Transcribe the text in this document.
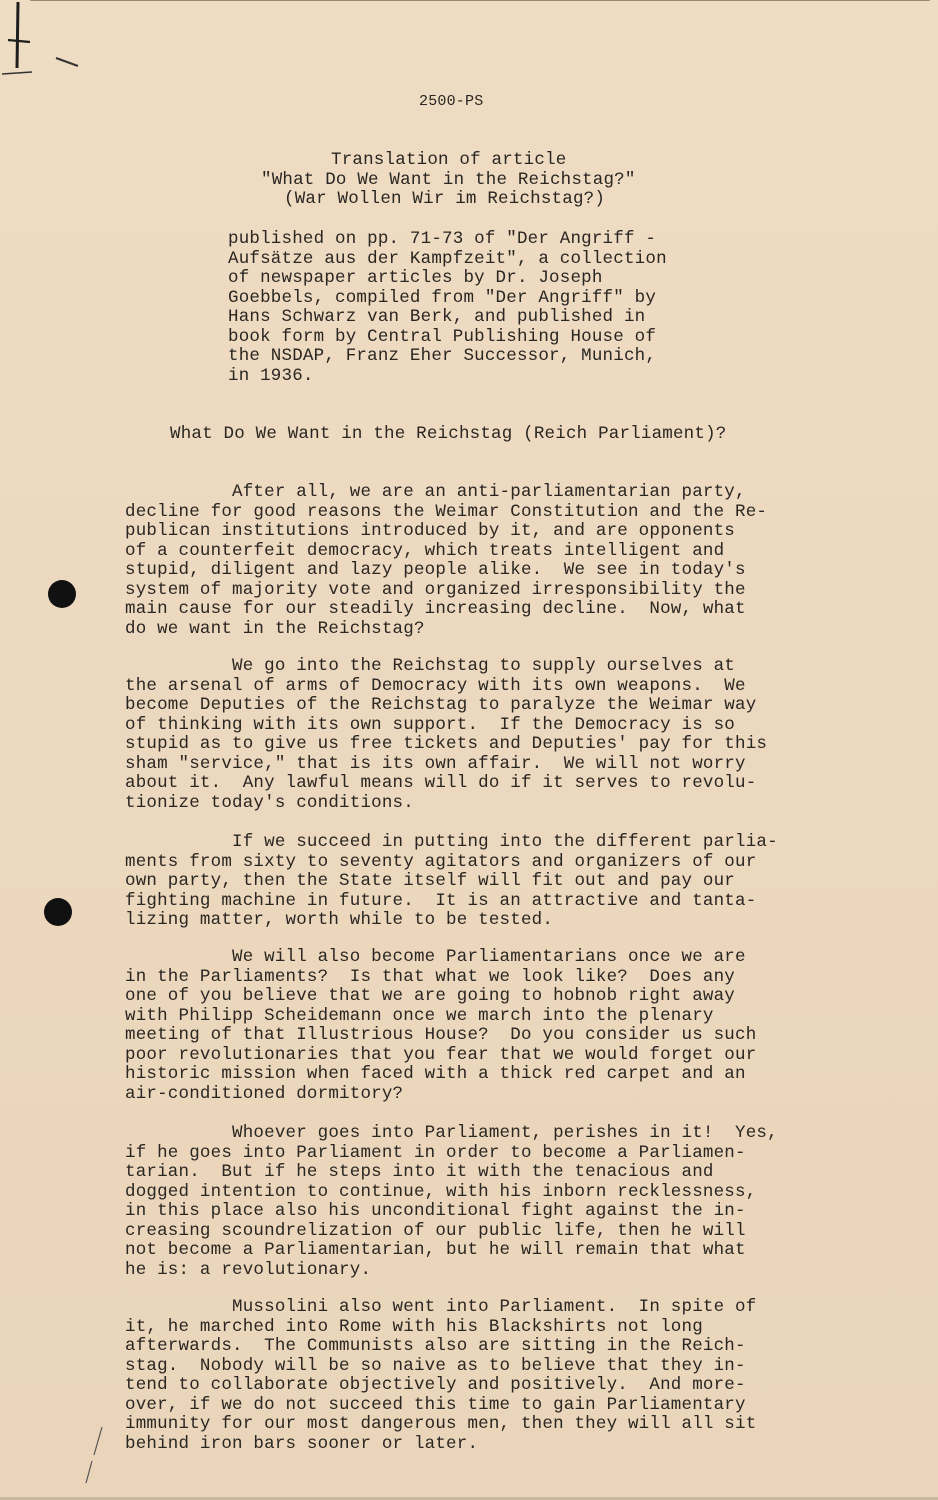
2500-PS
Translation of article
"What Do We Want in the Reichstag?"
(War Wollen Wir im Reichstag?)
published on pp. 71-73 of "Der Angriff -
Aufsätze aus der Kampfzeit", a collection
of newspaper articles by Dr. Joseph
Goebbels, compiled from "Der Angriff" by
Hans Schwarz van Berk, and published in
book form by Central Publishing House of
the NSDAP, Franz Eher Successor, Munich,
in 1936.
What Do We Want in the Reichstag (Reich Parliament)?
After all, we are an anti-parliamentarian party,
decline for good reasons the Weimar Constitution and the Re-
publican institutions introduced by it, and are opponents
of a counterfeit democracy, which treats intelligent and
stupid, diligent and lazy people alike.  We see in today's
system of majority vote and organized irresponsibility the
main cause for our steadily increasing decline.  Now, what
do we want in the Reichstag?
We go into the Reichstag to supply ourselves at
the arsenal of arms of Democracy with its own weapons.  We
become Deputies of the Reichstag to paralyze the Weimar way
of thinking with its own support.  If the Democracy is so
stupid as to give us free tickets and Deputies' pay for this
sham "service," that is its own affair.  We will not worry
about it.  Any lawful means will do if it serves to revolu-
tionize today's conditions.
If we succeed in putting into the different parlia-
ments from sixty to seventy agitators and organizers of our
own party, then the State itself will fit out and pay our
fighting machine in future.  It is an attractive and tanta-
lizing matter, worth while to be tested.
We will also become Parliamentarians once we are
in the Parliaments?  Is that what we look like?  Does any
one of you believe that we are going to hobnob right away
with Philipp Scheidemann once we march into the plenary
meeting of that Illustrious House?  Do you consider us such
poor revolutionaries that you fear that we would forget our
historic mission when faced with a thick red carpet and an
air-conditioned dormitory?
Whoever goes into Parliament, perishes in it!  Yes,
if he goes into Parliament in order to become a Parliamen-
tarian.  But if he steps into it with the tenacious and
dogged intention to continue, with his inborn recklessness,
in this place also his unconditional fight against the in-
creasing scoundrelization of our public life, then he will
not become a Parliamentarian, but he will remain that what
he is: a revolutionary.
Mussolini also went into Parliament.  In spite of
it, he marched into Rome with his Blackshirts not long
afterwards.  The Communists also are sitting in the Reich-
stag.  Nobody will be so naive as to believe that they in-
tend to collaborate objectively and positively.  And more-
over, if we do not succeed this time to gain Parliamentary
immunity for our most dangerous men, then they will all sit
behind iron bars sooner or later.
